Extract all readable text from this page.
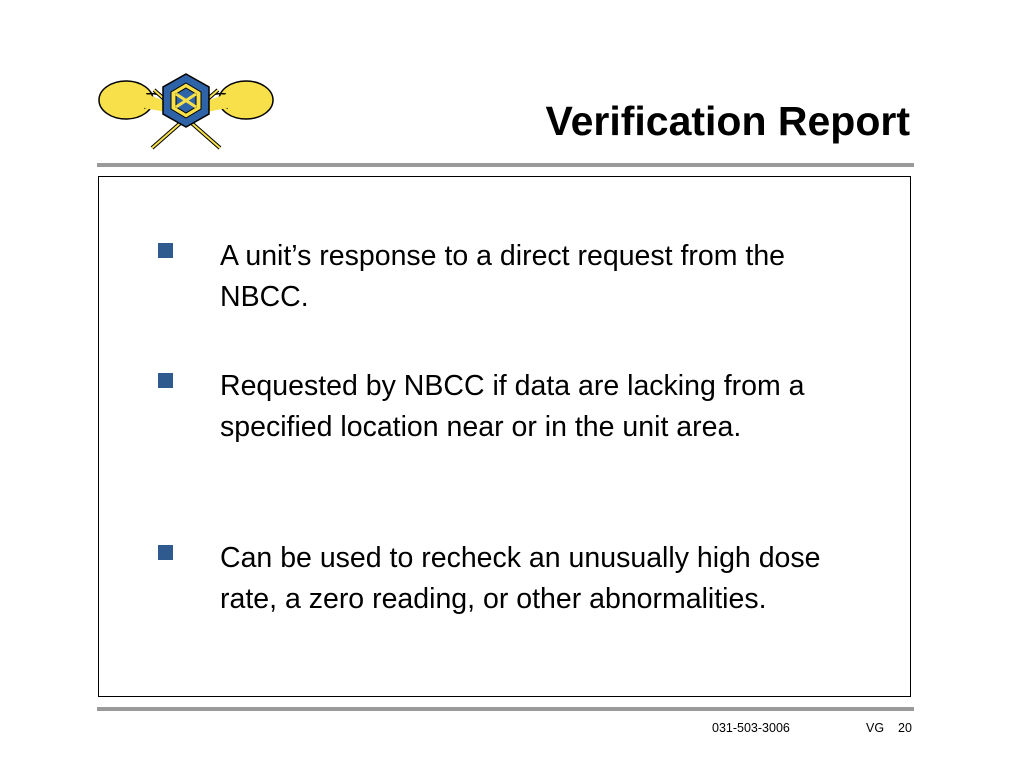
Verification Report
A unit’s response to a direct request from the NBCC.
Requested by NBCC if data are lacking from a specified location near or in the unit area.
Can be used to recheck an unusually high dose rate, a zero reading, or other abnormalities.
031-503-3006	VG 20
